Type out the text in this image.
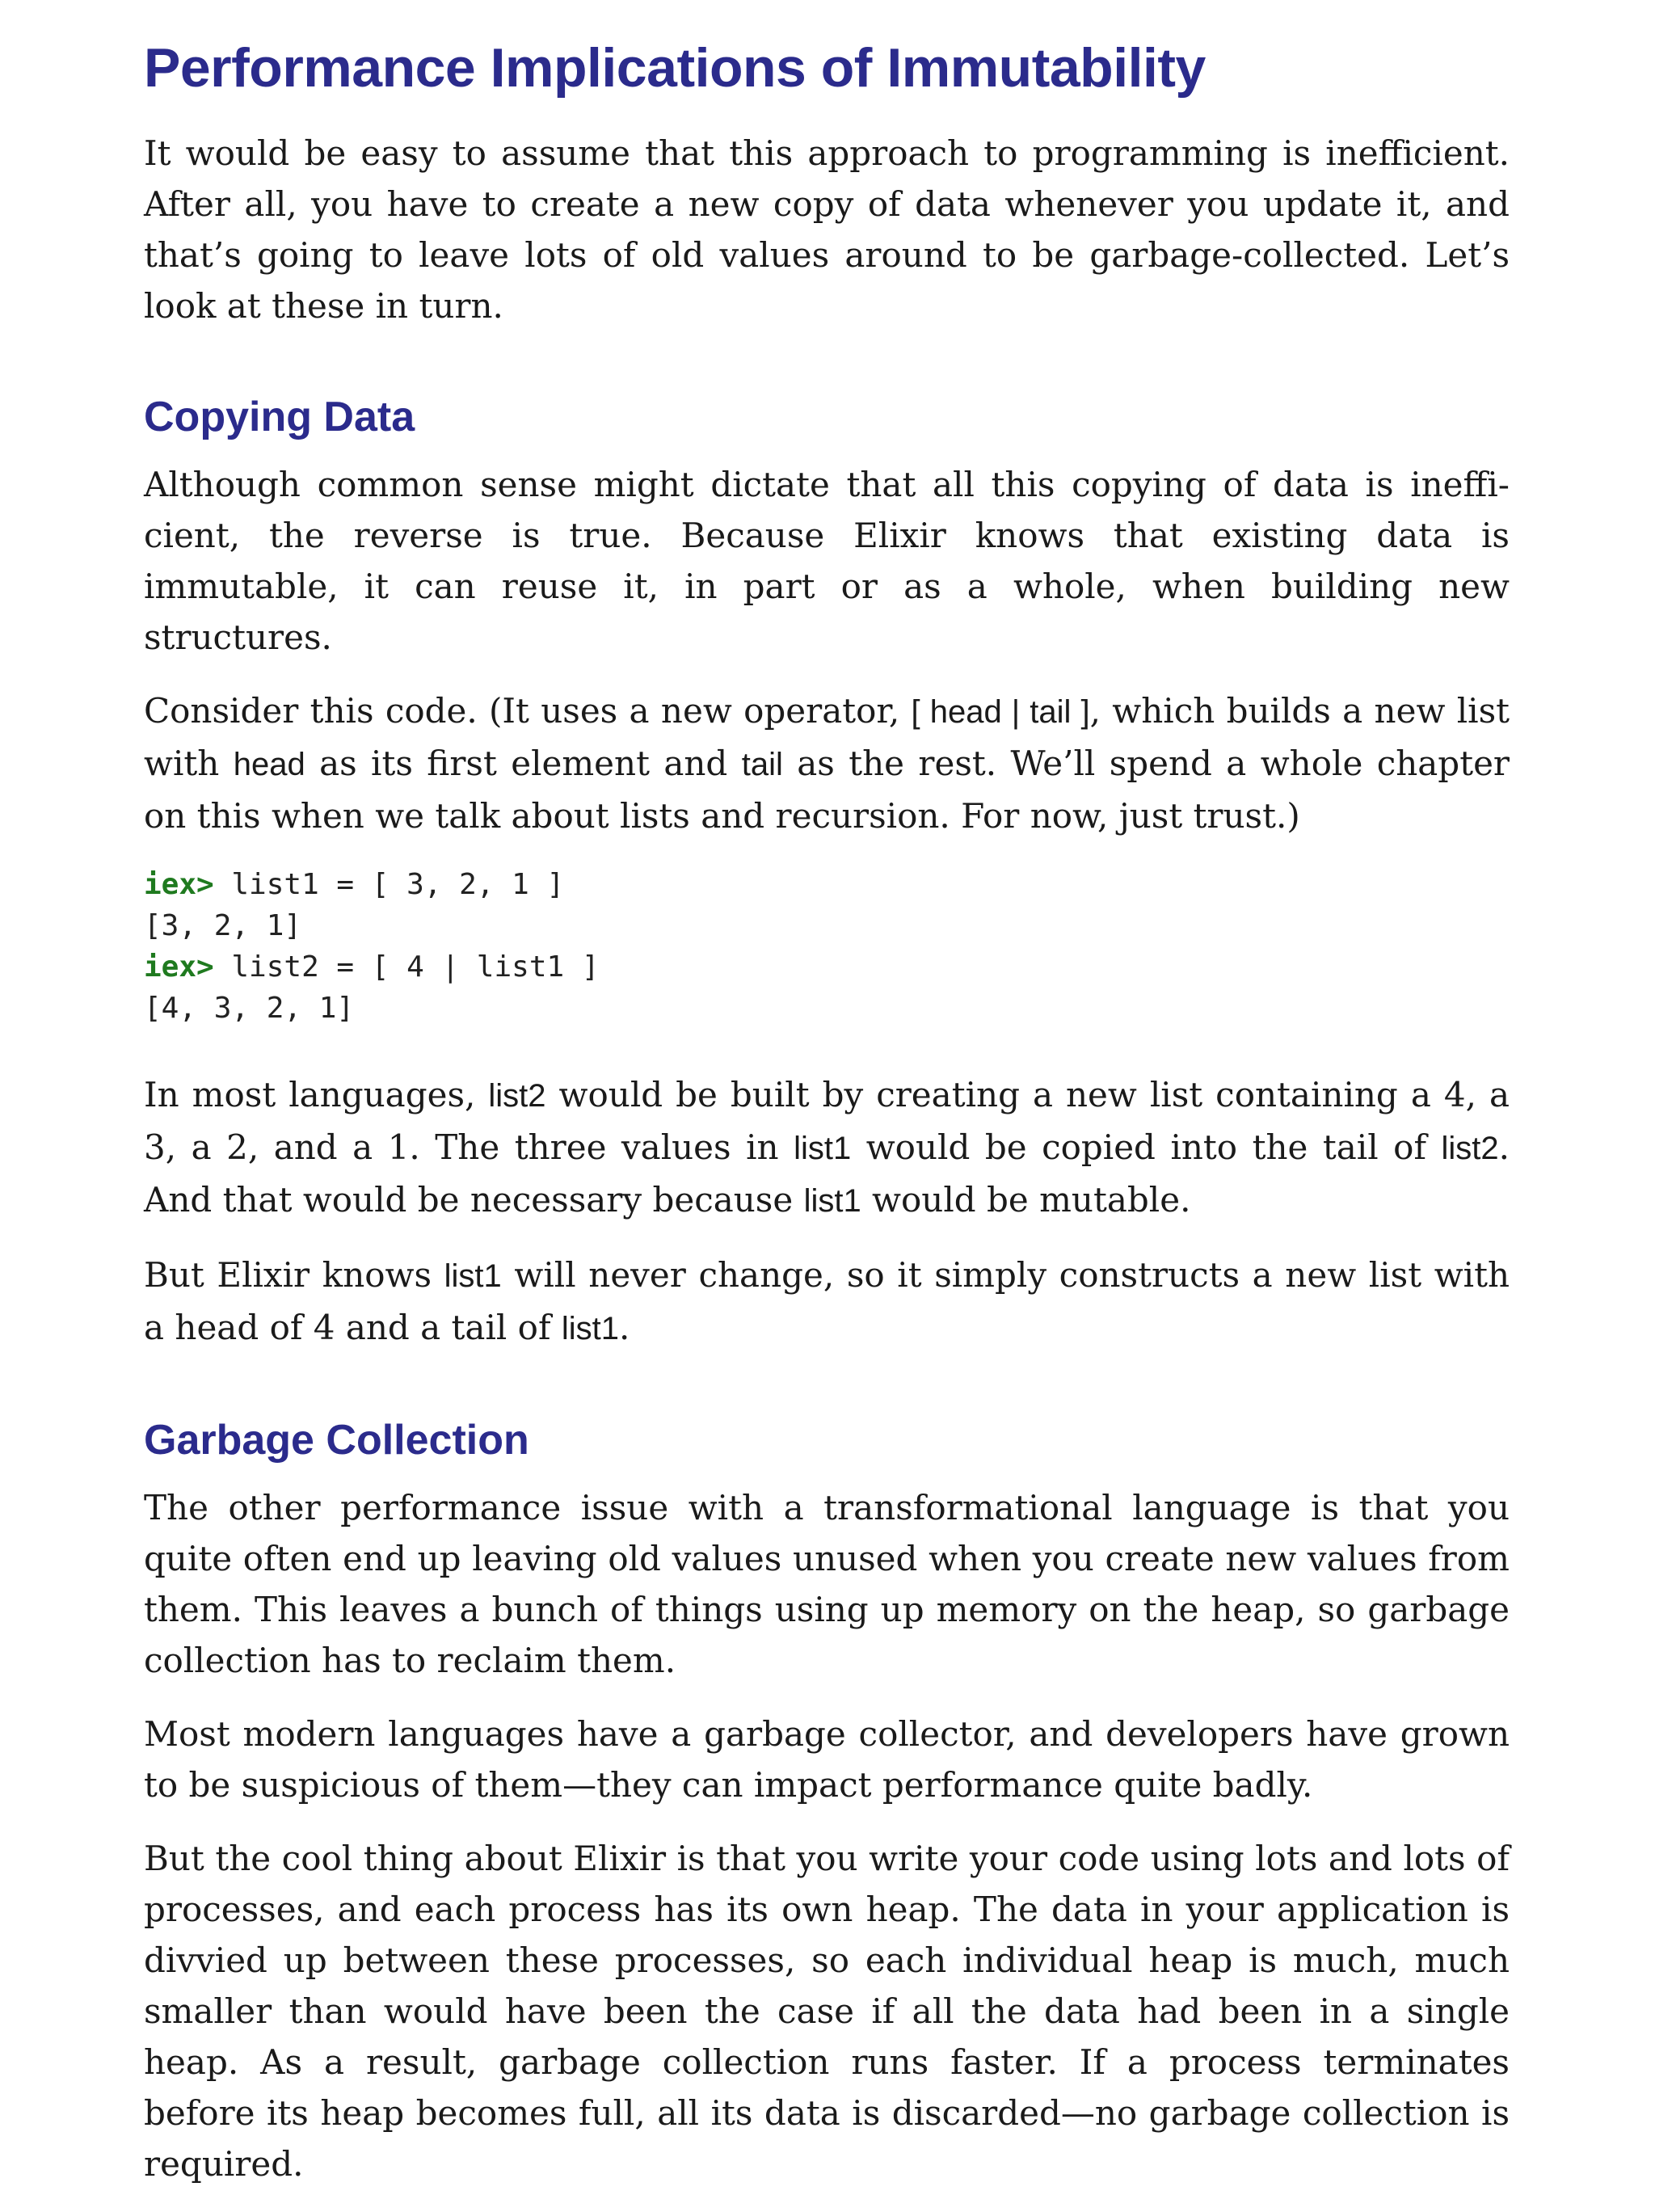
Performance Implications of Immutability

It would be easy to assume that this approach to programming is inefficient. After all, you have to create a new copy of data whenever you update it, and that’s going to leave lots of old values around to be garbage-collected. Let’s look at these in turn.

Copying Data

Although common sense might dictate that all this copying of data is ineffi-cient, the reverse is true. Because Elixir knows that existing data is immutable, it can reuse it, in part or as a whole, when building new structures.

Consider this code. (It uses a new operator, [ head | tail ], which builds a new list with head as its first element and tail as the rest. We’ll spend a whole chapter on this when we talk about lists and recursion. For now, just trust.)

iex> list1 = [ 3, 2, 1 ]
[3, 2, 1]
iex> list2 = [ 4 | list1 ]
[4, 3, 2, 1]

In most languages, list2 would be built by creating a new list containing a 4, a 3, a 2, and a 1. The three values in list1 would be copied into the tail of list2. And that would be necessary because list1 would be mutable.

But Elixir knows list1 will never change, so it simply constructs a new list with a head of 4 and a tail of list1.

Garbage Collection

The other performance issue with a transformational language is that you quite often end up leaving old values unused when you create new values from them. This leaves a bunch of things using up memory on the heap, so garbage collection has to reclaim them.

Most modern languages have a garbage collector, and developers have grown to be suspicious of them—they can impact performance quite badly.

But the cool thing about Elixir is that you write your code using lots and lots of processes, and each process has its own heap. The data in your application is divvied up between these processes, so each individual heap is much, much smaller than would have been the case if all the data had been in a single heap. As a result, garbage collection runs faster. If a process terminates before its heap becomes full, all its data is discarded—no garbage collection is required.
